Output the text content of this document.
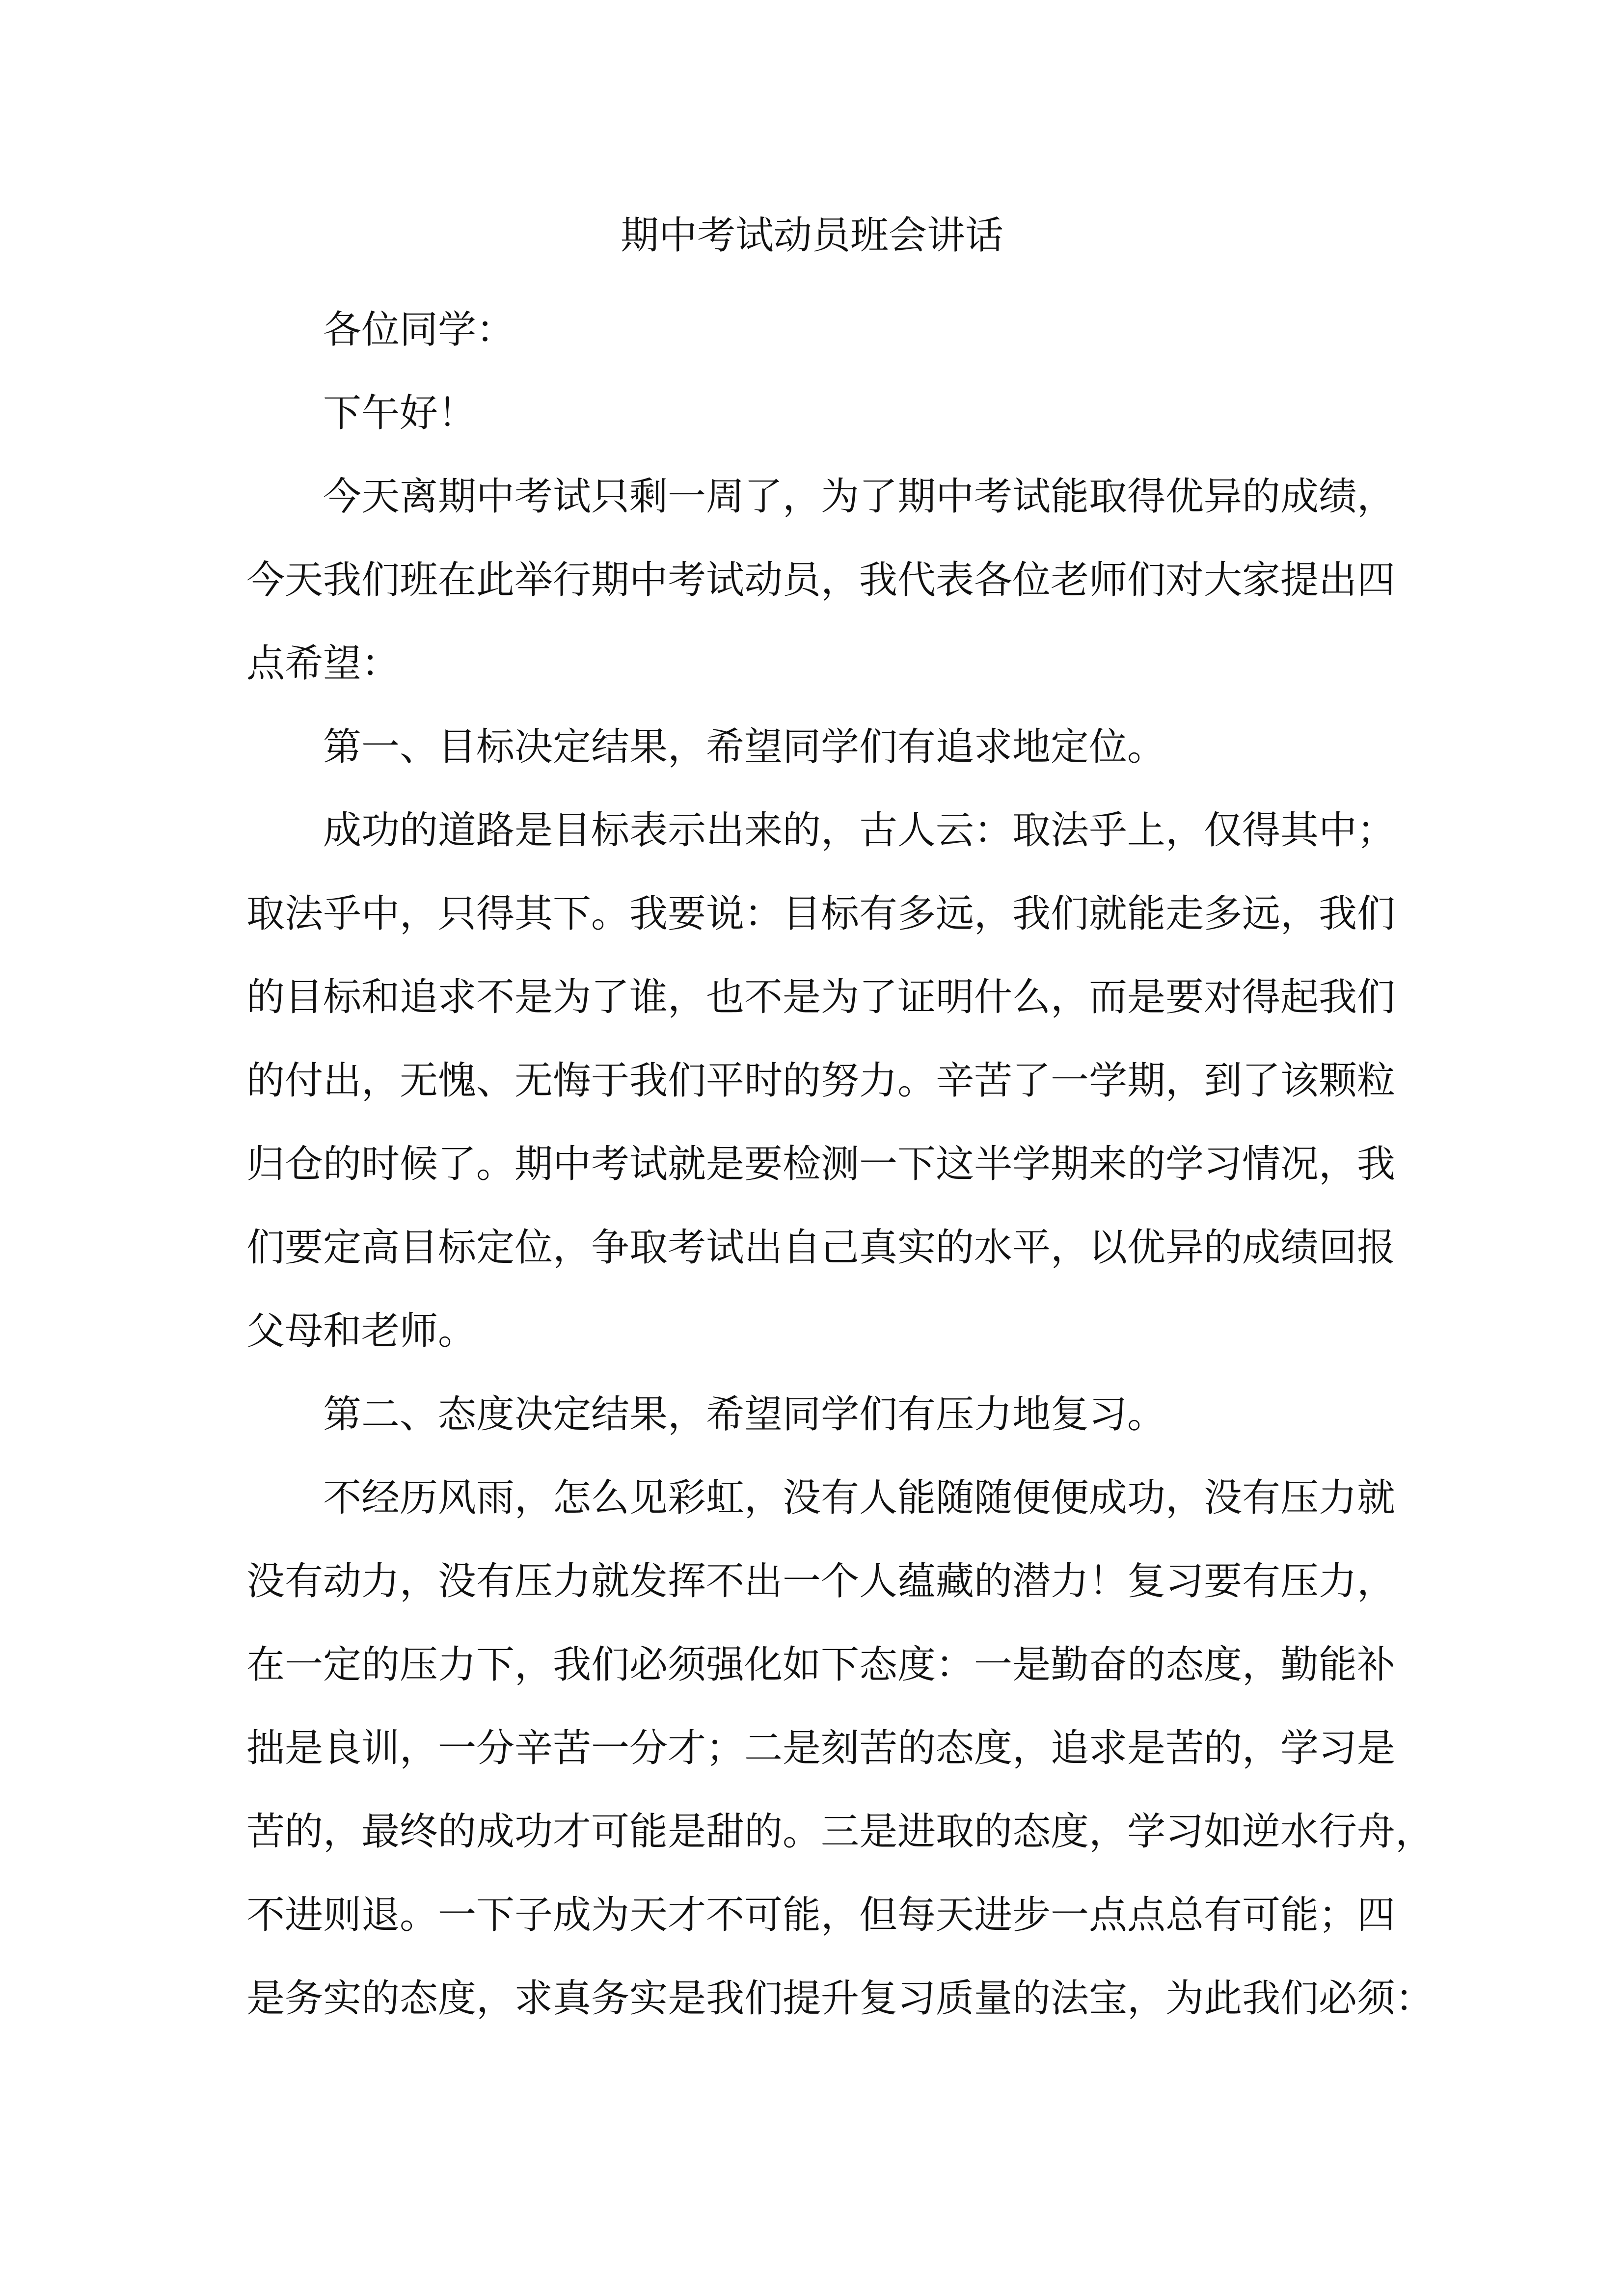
期中考试动员班会讲话

各位同学：

下午好！

今天离期中考试只剩一周了，为了期中考试能取得优异的成绩，

今天我们班在此举行期中考试动员，我代表各位老师们对大家提出四

点希望：

第一、目标决定结果，希望同学们有追求地定位。

成功的道路是目标表示出来的，古人云：取法乎上，仅得其中；

取法乎中，只得其下。我要说：目标有多远，我们就能走多远，我们

的目标和追求不是为了谁，也不是为了证明什么，而是要对得起我们

的付出，无愧、无悔于我们平时的努力。辛苦了一学期，到了该颗粒

归仓的时候了。期中考试就是要检测一下这半学期来的学习情况，我

们要定高目标定位，争取考试出自己真实的水平，以优异的成绩回报

父母和老师。

第二、态度决定结果，希望同学们有压力地复习。

不经历风雨，怎么见彩虹，没有人能随随便便成功，没有压力就

没有动力，没有压力就发挥不出一个人蕴藏的潜力！复习要有压力，

在一定的压力下，我们必须强化如下态度：一是勤奋的态度，勤能补

拙是良训，一分辛苦一分才；二是刻苦的态度，追求是苦的，学习是

苦的，最终的成功才可能是甜的。三是进取的态度，学习如逆水行舟，

不进则退。一下子成为天才不可能，但每天进步一点点总有可能；四

是务实的态度，求真务实是我们提升复习质量的法宝，为此我们必须：
